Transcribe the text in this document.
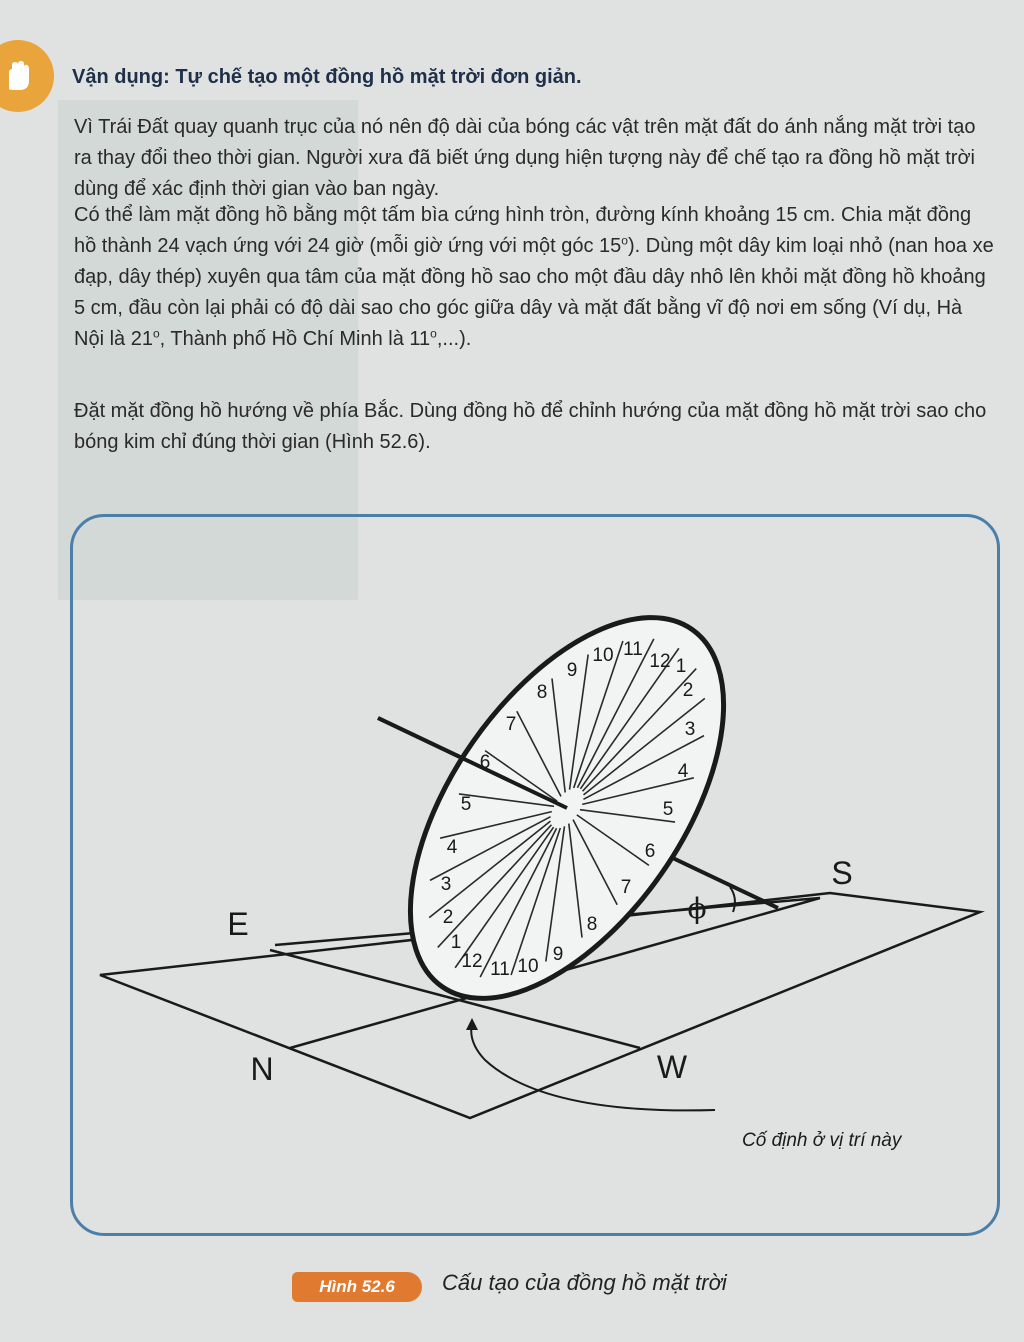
Vận dụng: Tự chế tạo một đồng hồ mặt trời đơn giản.
Vì Trái Đất quay quanh trục của nó nên độ dài của bóng các vật trên mặt đất do ánh nắng mặt trời tạo ra thay đổi theo thời gian. Người xưa đã biết ứng dụng hiện tượng này để chế tạo ra đồng hồ mặt trời dùng để xác định thời gian vào ban ngày.
Có thể làm mặt đồng hồ bằng một tấm bìa cứng hình tròn, đường kính khoảng 15 cm. Chia mặt đồng hồ thành 24 vạch ứng với 24 giờ (mỗi giờ ứng với một góc 15$^o$). Dùng một dây kim loại nhỏ (nan hoa xe đạp, dây thép) xuyên qua tâm của mặt đồng hồ sao cho một đầu dây nhô lên khỏi mặt đồng hồ khoảng 5 cm, đầu còn lại phải có độ dài sao cho góc giữa dây và mặt đất bằng vĩ độ nơi em sống (Ví dụ, Hà Nội là 21$^o$, Thành phố Hồ Chí Minh là 11$^o$,...).
Đặt mặt đồng hồ hướng về phía Bắc. Dùng đồng hồ để chỉnh hướng của mặt đồng hồ mặt trời sao cho bóng kim chỉ đúng thời gian (Hình 52.6).
9
10 11
12 1
2
3
4
5
6
7
8
8
7
6
5
4
3
2
1
12 11 10
9
E
S
N	W
ϕ
Cố định ở vị trí này
Hình 52.6	Cấu tạo của đồng hồ mặt trời
